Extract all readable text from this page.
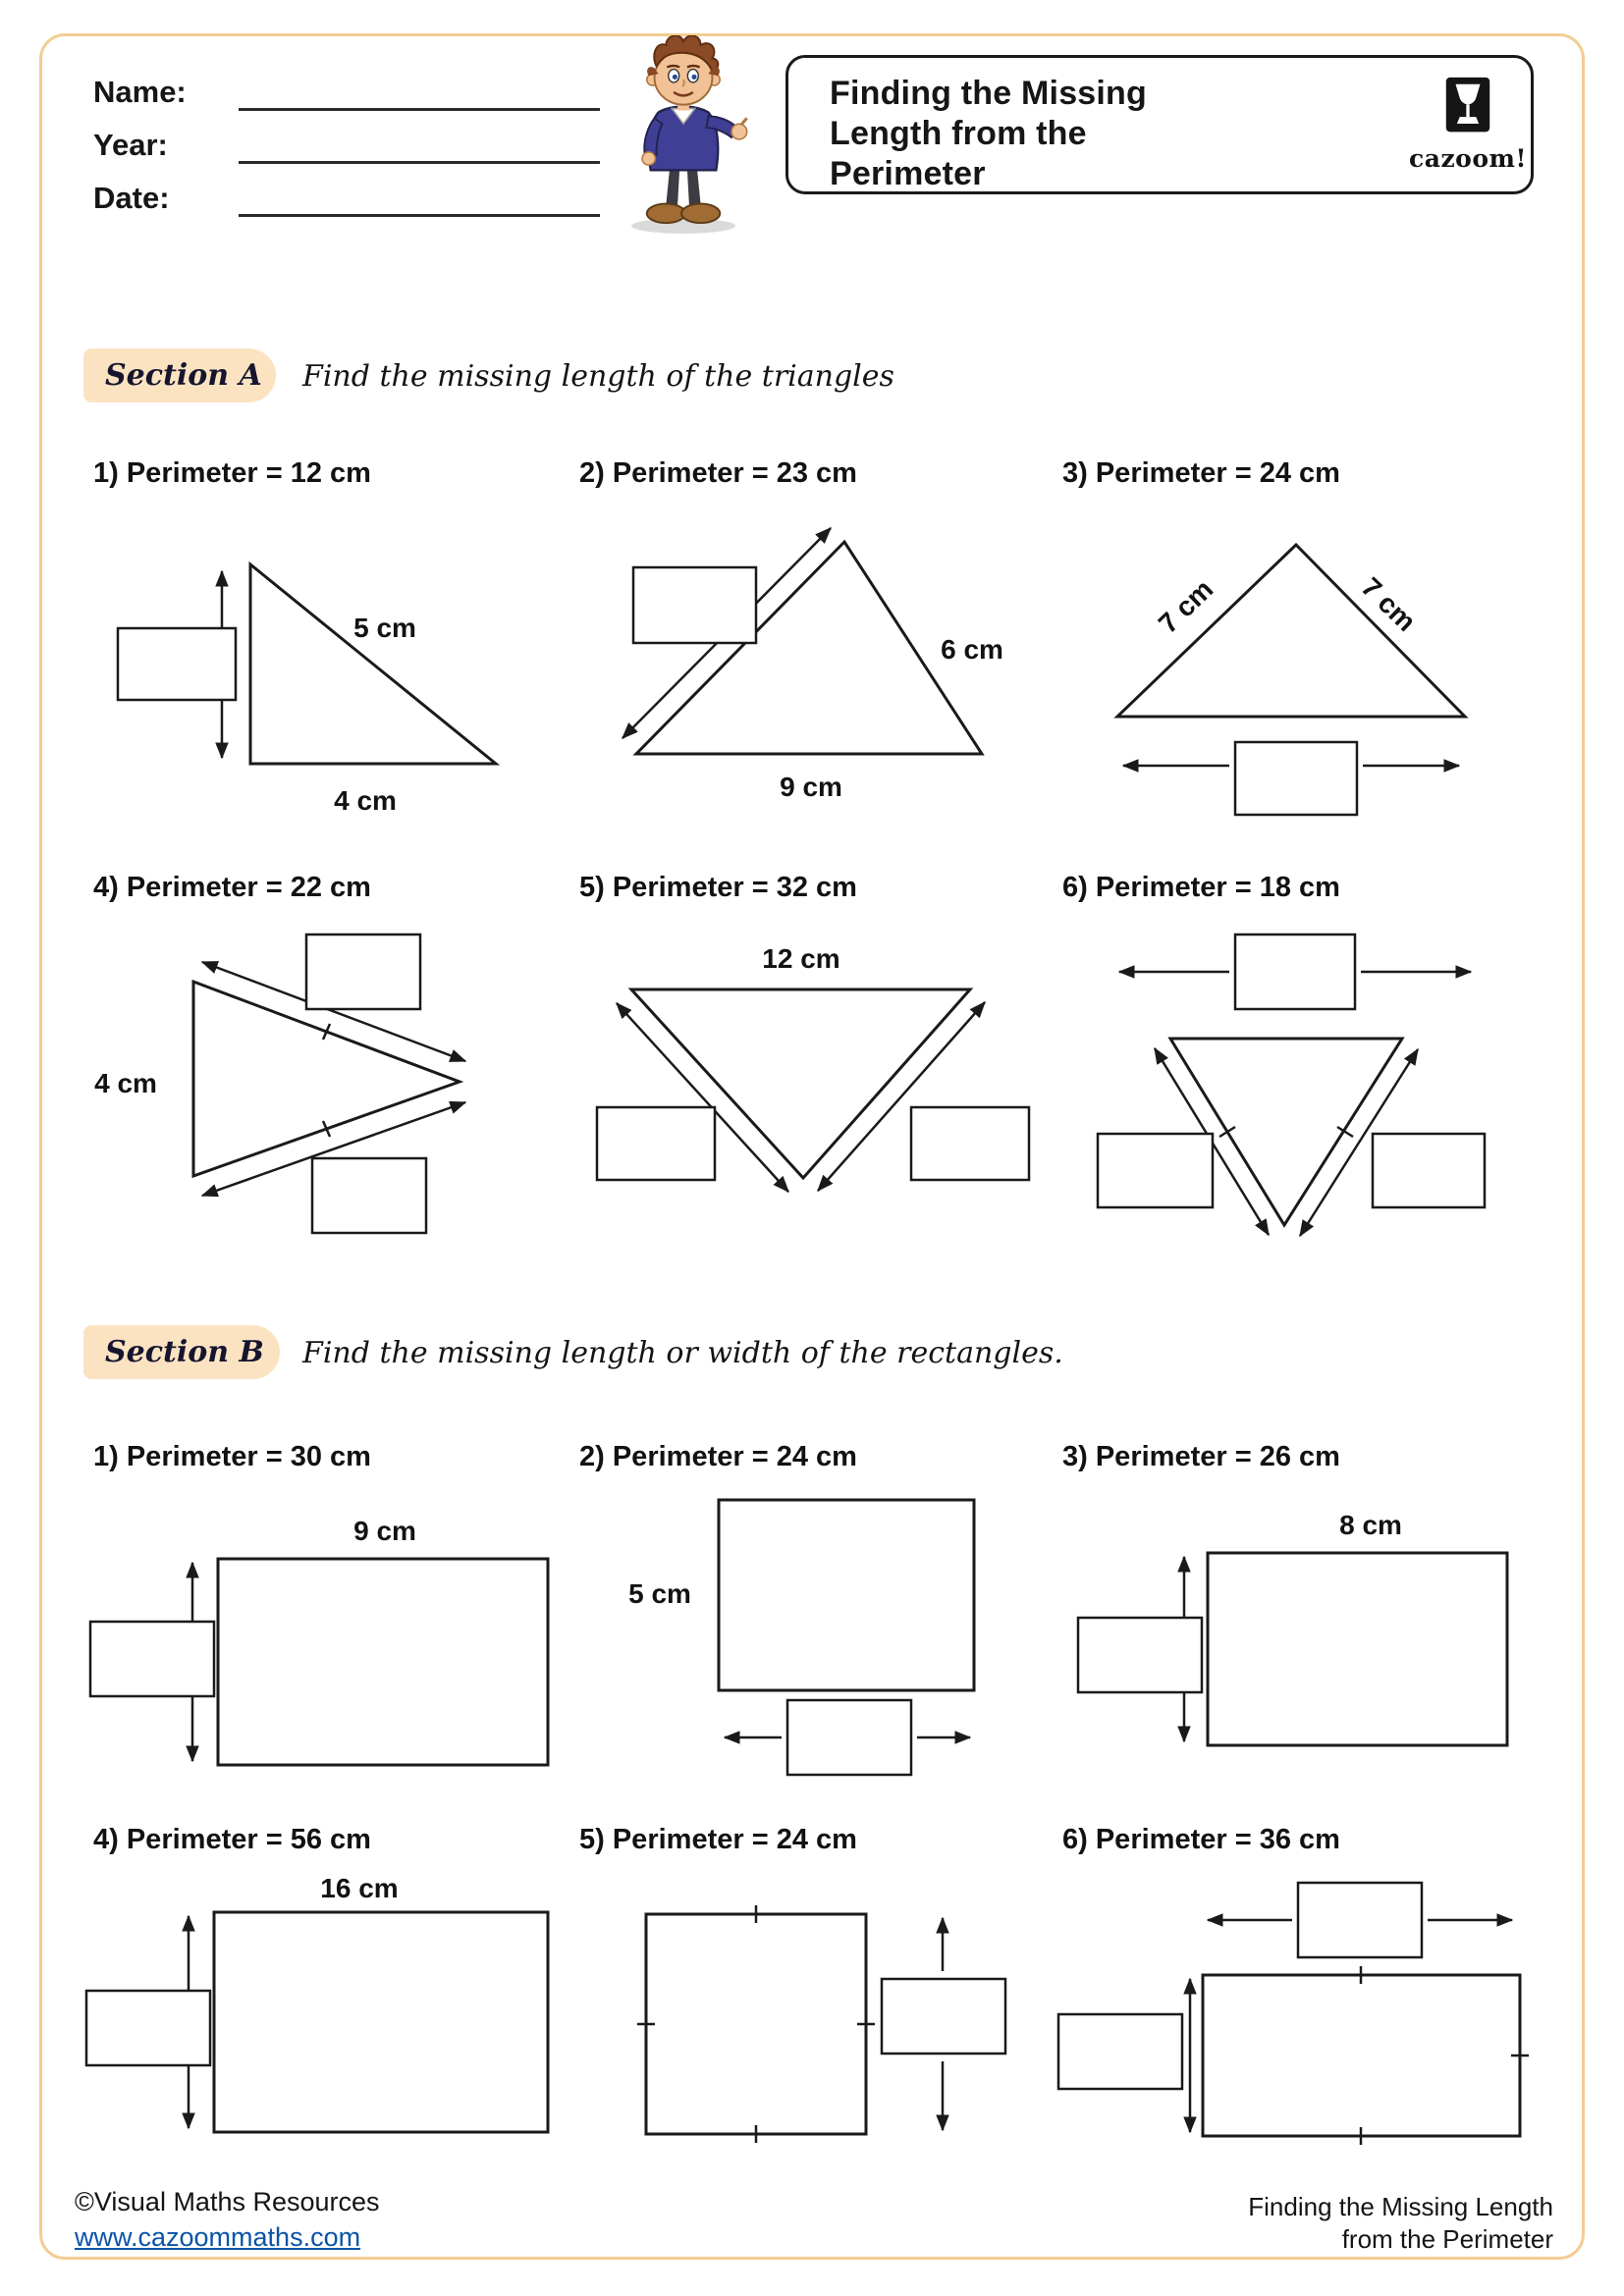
Name:
Year:
Date:
Finding the Missing
Length from the
Perimeter	cazoom!
Section A Find the missing length of the triangles
1) Perimeter = 12 cm	2) Perimeter = 23 cm	3) Perimeter = 24 cm
4) Perimeter = 22 cm	5) Perimeter = 32 cm	6) Perimeter = 18 cm
5 cm
4 cm
6 cm
9 cm
7 cm	7 cm
4 cm
12 cm
Section B Find the missing length or width of the rectangles.
1) Perimeter = 30 cm	2) Perimeter = 24 cm	3) Perimeter = 26 cm
4) Perimeter = 56 cm	5) Perimeter = 24 cm	6) Perimeter = 36 cm
9 cm
5 cm
8 cm
16 cm
©Visual Maths Resources
www.cazoommaths.com
Finding the Missing Length
from the Perimeter
